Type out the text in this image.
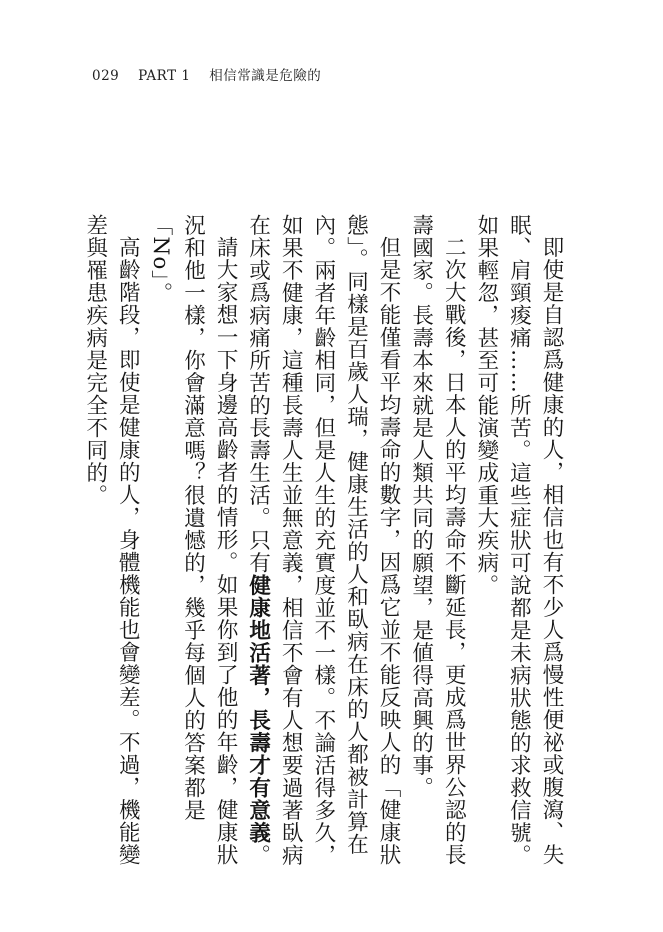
029 PART 1 相信常識是危險的

即使是自認爲健康的人，相信也有不少人爲慢性便祕或腹瀉、失眠、肩頸痠痛……所苦。這些症狀可說都是未病狀態的求救信號。如果輕忽，甚至可能演變成重大疾病。

二次大戰後，日本人的平均壽命不斷延長，更成爲世界公認的長壽國家。長壽本來就是人類共同的願望，是値得高興的事。

但是不能僅看平均壽命的數字，因爲它並不能反映人的「健康狀態」。同樣是百歲人瑞，健康生活的人和臥病在床的人都被計算在內。兩者年齡相同，但是人生的充實度並不一樣。不論活得多久，如果不健康，這種長壽人生並無意義，相信不會有人想要過著臥病在床或爲病痛所苦的長壽生活。只有健康地活著，長壽才有意義。

請大家想一下身邊高齡者的情形。如果你到了他的年齡，健康狀況和他一樣，你會滿意嗎？很遺憾的，幾乎每個人的答案都是「No」。

高齡階段，即使是健康的人，身體機能也會變差。不過，機能變差與罹患疾病是完全不同的。
